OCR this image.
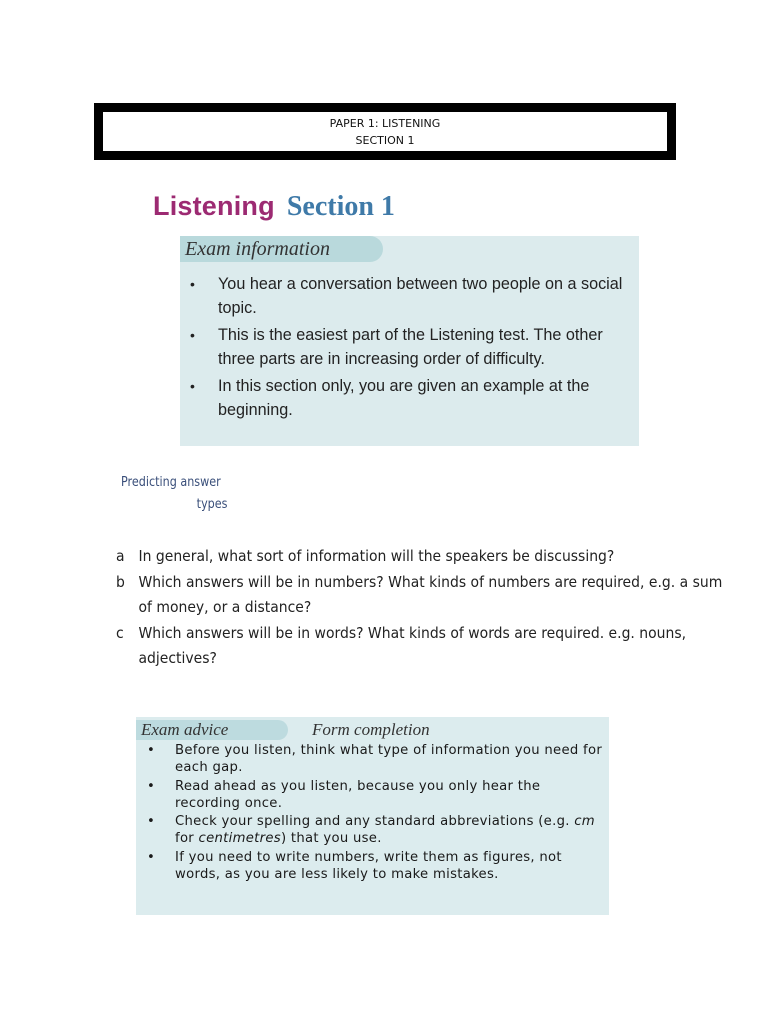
PAPER 1: LISTENING
SECTION 1
Listening Section 1
Exam information
• You hear a conversation between two people on a social topic.
• This is the easiest part of the Listening test. The other three parts are in increasing order of difficulty.
• In this section only, you are given an example at the beginning.
Predicting answer
types
a In general, what sort of information will the speakers be discussing?
b Which answers will be in numbers? What kinds of numbers are required, e.g. a sum of money, or a distance?
c Which answers will be in words? What kinds of words are required. e.g. nouns, adjectives?
Exam advice	Form completion
• Before you listen, think what type of information you need for each gap.
• Read ahead as you listen, because you only hear the recording once.
• Check your spelling and any standard abbreviations (e.g. cm for centimetres) that you use.
• If you need to write numbers, write them as figures, not words, as you are less likely to make mistakes.
